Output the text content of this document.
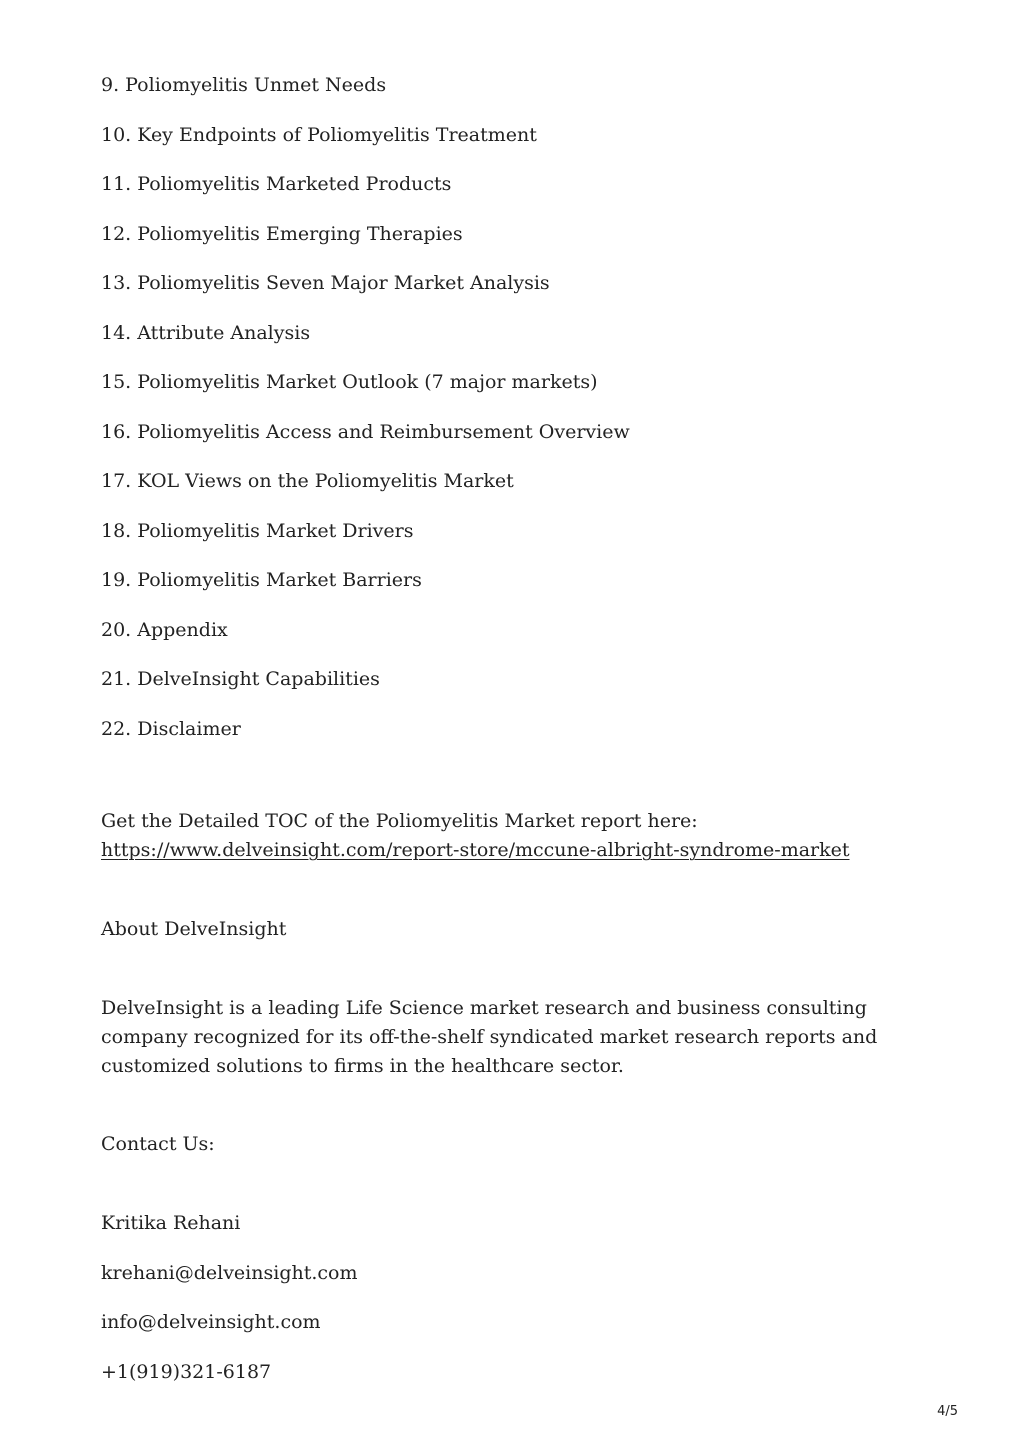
9. Poliomyelitis Unmet Needs
10. Key Endpoints of Poliomyelitis Treatment
11. Poliomyelitis Marketed Products
12. Poliomyelitis Emerging Therapies
13. Poliomyelitis Seven Major Market Analysis
14. Attribute Analysis
15. Poliomyelitis Market Outlook (7 major markets)
16. Poliomyelitis Access and Reimbursement Overview
17. KOL Views on the Poliomyelitis Market
18. Poliomyelitis Market Drivers
19. Poliomyelitis Market Barriers
20. Appendix
21. DelveInsight Capabilities
22. Disclaimer

Get the Detailed TOC of the Poliomyelitis Market report here:
https://www.delveinsight.com/report-store/mccune-albright-syndrome-market

About DelveInsight

DelveInsight is a leading Life Science market research and business consulting company recognized for its off-the-shelf syndicated market research reports and customized solutions to firms in the healthcare sector.

Contact Us:

Kritika Rehani
krehani@delveinsight.com
info@delveinsight.com
+1(919)321-6187
4/5
